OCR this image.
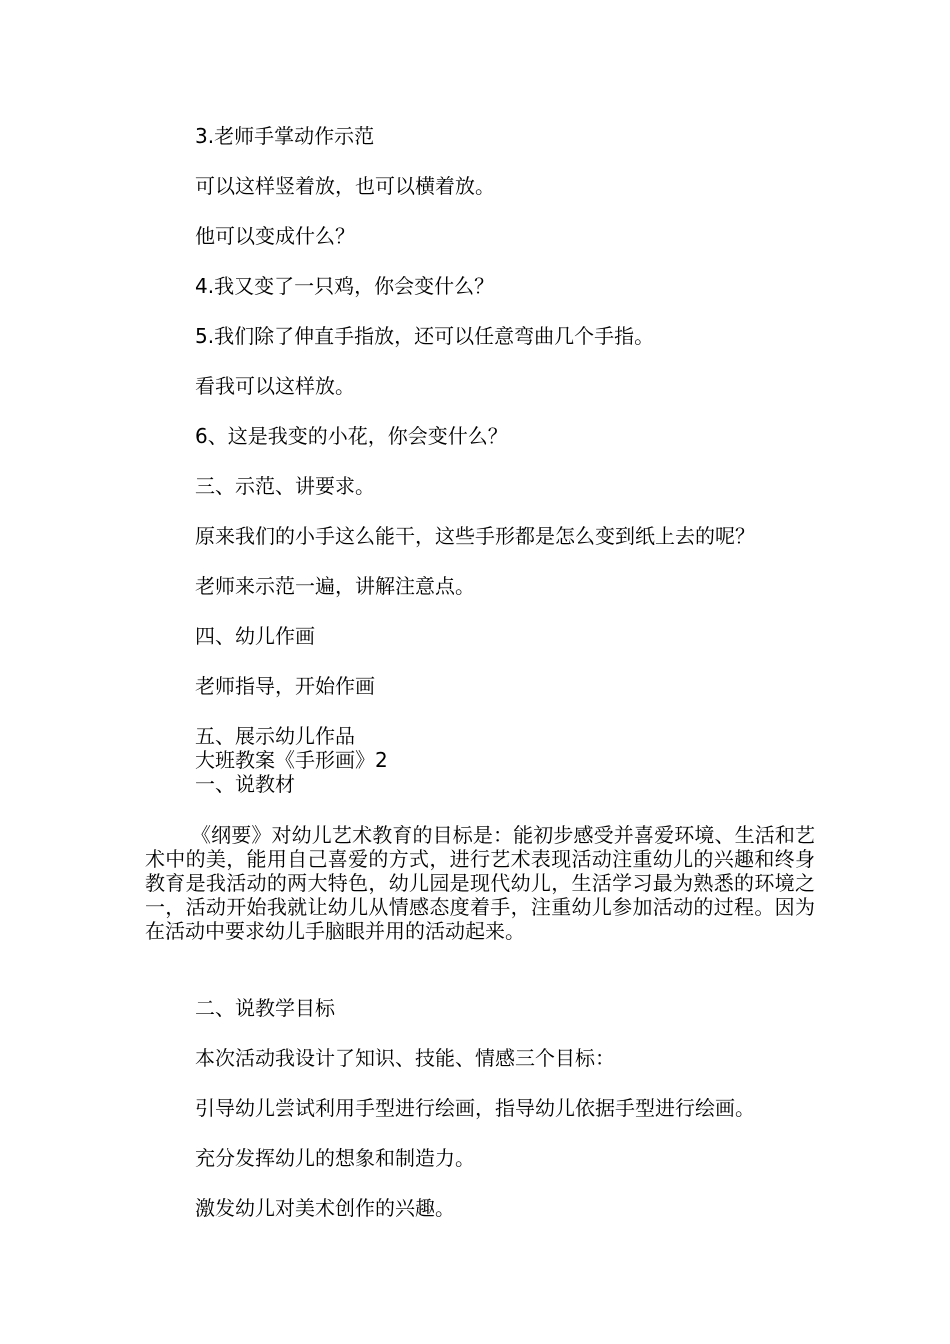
3.老师手掌动作示范
可以这样竖着放，也可以横着放。
他可以变成什么？
4.我又变了一只鸡，你会变什么？
5.我们除了伸直手指放，还可以任意弯曲几个手指。
看我可以这样放。
6、这是我变的小花，你会变什么？
三、示范、讲要求。
原来我们的小手这么能干，这些手形都是怎么变到纸上去的呢？
老师来示范一遍，讲解注意点。
四、幼儿作画
老师指导，开始作画
五、展示幼儿作品
大班教案《手形画》2
一、说教材
《纲要》对幼儿艺术教育的目标是：能初步感受并喜爱环境、生活和艺术中的美，能用自己喜爱的方式，进行艺术表现活动注重幼儿的兴趣和终身教育是我活动的两大特色，幼儿园是现代幼儿，生活学习最为熟悉的环境之一，活动开始我就让幼儿从情感态度着手，注重幼儿参加活动的过程。因为在活动中要求幼儿手脑眼并用的活动起来。
二、说教学目标
本次活动我设计了知识、技能、情感三个目标：
引导幼儿尝试利用手型进行绘画，指导幼儿依据手型进行绘画。
充分发挥幼儿的想象和制造力。
激发幼儿对美术创作的兴趣。
